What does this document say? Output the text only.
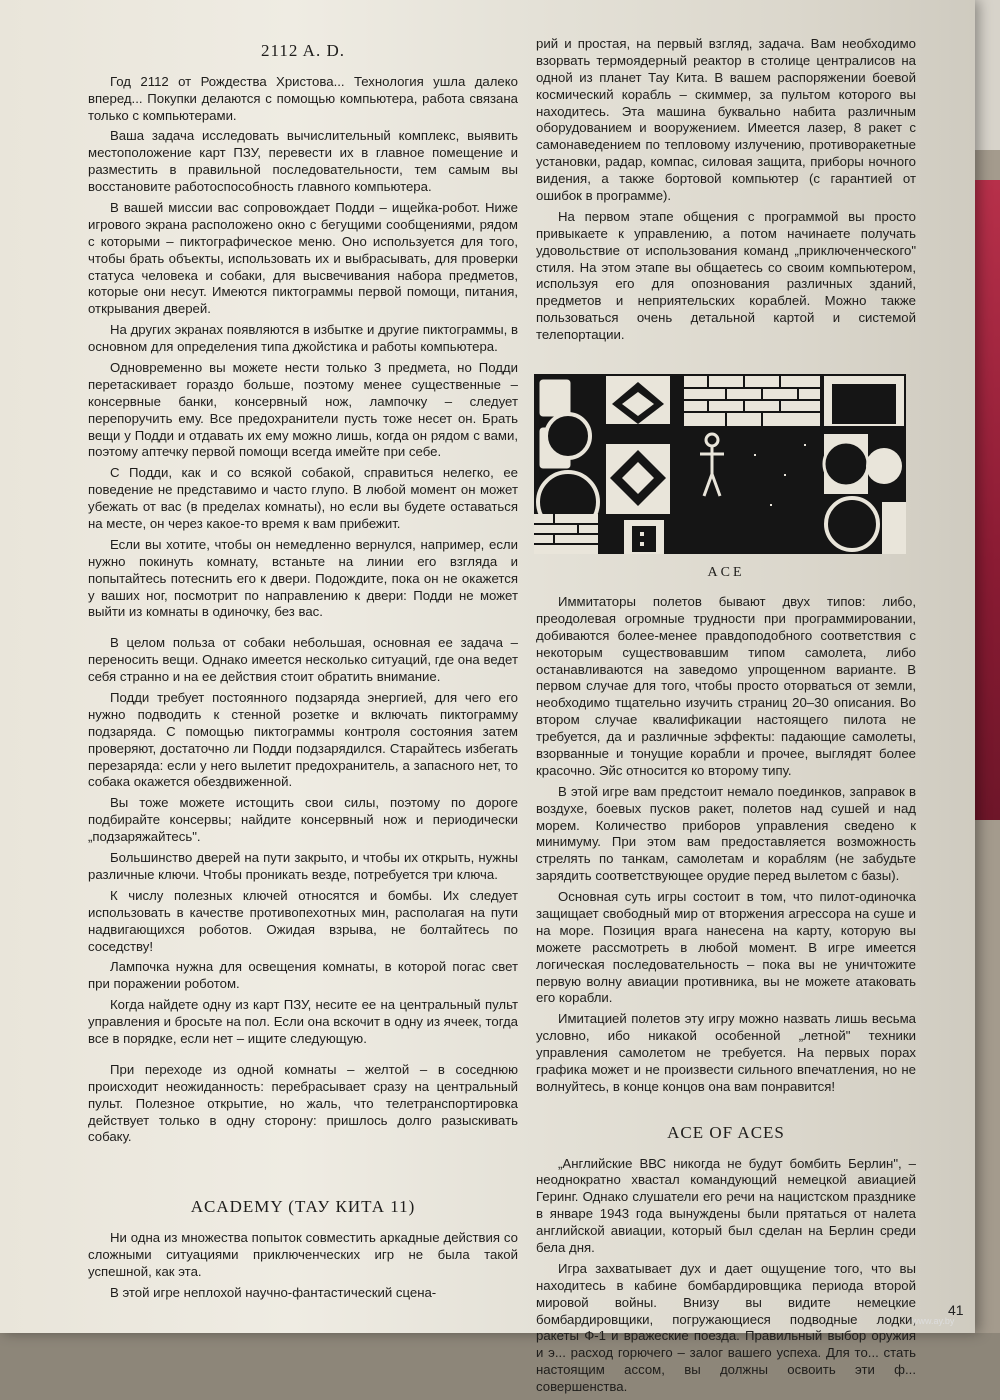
2112 A. D.

Год 2112 от Рождества Христова... Технология ушла далеко вперед... Покупки делаются с помощью компьютера, работа связана только с компьютерами.

Ваша задача исследовать вычислительный комплекс, выявить местоположение карт ПЗУ, перевести их в главное помещение и разместить в правильной последовательности, тем самым вы восстановите работоспособность главного компьютера.

В вашей миссии вас сопровождает Подди – ищейка-робот. Ниже игрового экрана расположено окно с бегущими сообщениями, рядом с которыми – пиктографическое меню. Оно используется для того, чтобы брать объекты, использовать их и выбрасывать, для проверки статуса человека и собаки, для высвечивания набора предметов, которые они несут. Имеются пиктограммы первой помощи, питания, открывания дверей.

На других экранах появляются в избытке и другие пиктограммы, в основном для определения типа джойстика и работы компьютера.

Одновременно вы можете нести только 3 предмета, но Подди перетаскивает гораздо больше, поэтому менее существенные – консервные банки, консервный нож, лампочку – следует перепоручить ему. Все предохранители пусть тоже несет он. Брать вещи у Подди и отдавать их ему можно лишь, когда он рядом с вами, поэтому аптечку первой помощи всегда имейте при себе.

С Подди, как и со всякой собакой, справиться нелегко, ее поведение не представимо и часто глупо. В любой момент он может убежать от вас (в пределах комнаты), но если вы будете оставаться на месте, он через какое-то время к вам прибежит.

Если вы хотите, чтобы он немедленно вернулся, например, если нужно покинуть комнату, встаньте на линии его взгляда и попытайтесь потеснить его к двери. Подождите, пока он не окажется у ваших ног, посмотрит по направлению к двери: Подди не может выйти из комнаты в одиночку, без вас.

В целом польза от собаки небольшая, основная ее задача – переносить вещи. Однако имеется несколько ситуаций, где она ведет себя странно и на ее действия стоит обратить внимание.

Подди требует постоянного подзаряда энергией, для чего его нужно подводить к стенной розетке и включать пиктограмму подзаряда. С помощью пиктограммы контроля состояния затем проверяют, достаточно ли Подди подзарядился. Старайтесь избегать перезаряда: если у него вылетит предохранитель, а запасного нет, то собака окажется обездвиженной.

Вы тоже можете истощить свои силы, поэтому по дороге подбирайте консервы; найдите консервный нож и периодически „подзаряжайтесь".

Большинство дверей на пути закрыто, и чтобы их открыть, нужны различные ключи. Чтобы проникать везде, потребуется три ключа.

К числу полезных ключей относятся и бомбы. Их следует использовать в качестве противопехотных мин, располагая на пути надвигающихся роботов. Ожидая взрыва, не болтайтесь по соседству!

Лампочка нужна для освещения комнаты, в которой погас свет при поражении роботом.

Когда найдете одну из карт ПЗУ, несите ее на центральный пульт управления и бросьте на пол. Если она вскочит в одну из ячеек, тогда все в порядке, если нет – ищите следующую.

При переходе из одной комнаты – желтой – в соседнюю происходит неожиданность: перебрасывает сразу на центральный пульт. Полезное открытие, но жаль, что телетранспортировка действует только в одну сторону: пришлось долго разыскивать собаку.

ACADEMY (ТАУ КИТА 11)

Ни одна из множества попыток совместить аркадные действия со сложными ситуациями приключенческих игр не была такой успешной, как эта.

В этой игре неплохой научно-фантастический сцена-

рий и простая, на первый взгляд, задача. Вам необходимо взорвать термоядерный реактор в столице централисов на одной из планет Тау Кита. В вашем распоряжении боевой космический корабль – скиммер, за пультом которого вы находитесь. Эта машина буквально набита различным оборудованием и вооружением. Имеется лазер, 8 ракет с самонаведением по тепловому излучению, противоракетные установки, радар, компас, силовая защита, приборы ночного видения, а также бортовой компьютер (с гарантией от ошибок в программе).

На первом этапе общения с программой вы просто привыкаете к управлению, а потом начинаете получать удовольствие от использования команд „приключенческого" стиля. На этом этапе вы общаетесь со своим компьютером, используя его для опознования различных зданий, предметов и неприятельских кораблей. Можно также пользоваться очень детальной картой и системой телепортации.

ACE

Иммитаторы полетов бывают двух типов: либо, преодолевая огромные трудности при программировании, добиваются более-менее правдоподобного соответствия с некоторым существовавшим типом самолета, либо останавливаются на заведомо упрощенном варианте. В первом случае для того, чтобы просто оторваться от земли, необходимо тщательно изучить страниц 20–30 описания. Во втором случае квалификации настоящего пилота не требуется, да и различные эффекты: падающие самолеты, взорванные и тонущие корабли и прочее, выглядят более красочно. Эйс относится ко второму типу.

В этой игре вам предстоит немало поединков, заправок в воздухе, боевых пусков ракет, полетов над сушей и над морем. Количество приборов управления сведено к минимуму. При этом вам предоставляется возможность стрелять по танкам, самолетам и кораблям (не забудьте зарядить соответствующее орудие перед вылетом с базы).

Основная суть игры состоит в том, что пилот-одиночка защищает свободный мир от вторжения агрессора на суше и на море. Позиция врага нанесена на карту, которую вы можете рассмотреть в любой момент. В игре имеется логическая последовательность – пока вы не уничтожите первую волну авиации противника, вы не можете атаковать его корабли.

Имитацией полетов эту игру можно назвать лишь весьма условно, ибо никакой особенной „летной" техники управления самолетом не требуется. На первых порах графика может и не произвести сильного впечатления, но не волнуйтесь, в конце концов она вам понравится!

ACE OF ACES

„Английские ВВС никогда не будут бомбить Берлин", – неоднократно хвастал командующий немецкой авиацией Геринг. Однако слушатели его речи на нацистском празднике в январе 1943 года вынуждены были прятаться от налета английской авиации, который был сделан на Берлин среди бела дня.

Игра захватывает дух и дает ощущение того, что вы находитесь в кабине бомбардировщика периода второй мировой войны. Внизу вы видите немецкие бомбардировщики, погружающиеся подводные лодки, ракеты Ф-1 и вражеские поезда. Правильный выбор оружия и э... расход горючего – залог вашего успеха. Для то... стать настоящим ассом, вы должны освоить эти ф... совершенства.

41
www.ay.by
